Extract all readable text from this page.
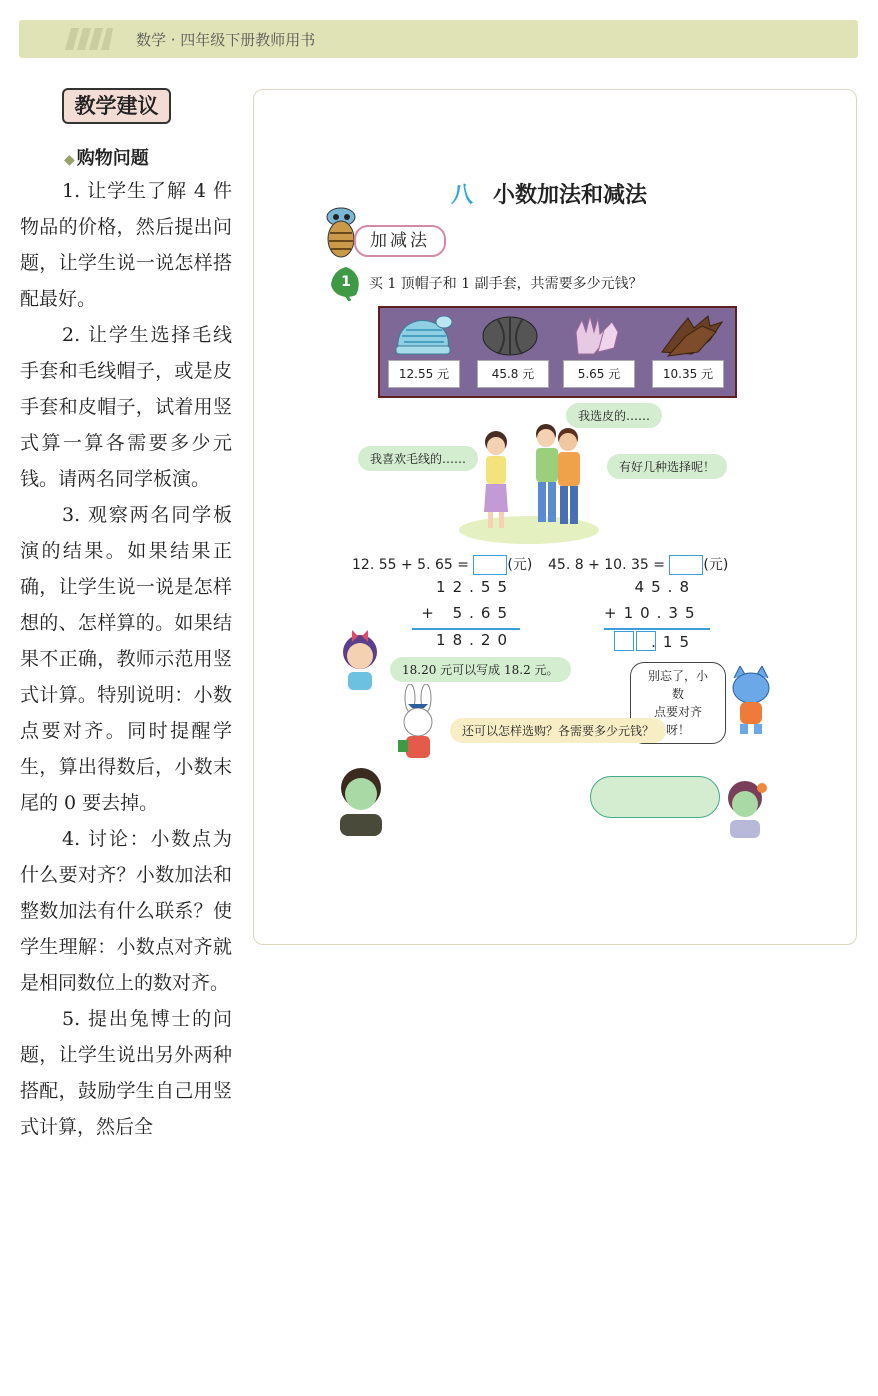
数学 · 四年级下册教师用书
教学建议
◆ 购物问题

1. 让学生了解 4 件物品的价格，然后提出问题，让学生说一说怎样搭配最好。

2. 让学生选择毛线手套和毛线帽子，或是皮手套和皮帽子，试着用竖式算一算各需要多少元钱。请两名同学板演。

3. 观察两名同学板演的结果。如果结果正确，让学生说一说是怎样想的、怎样算的。如果结果不正确，教师示范用竖式计算。特别说明：小数点要对齐。同时提醒学生，算出得数后，小数末尾的 0 要去掉。

4. 讨论：小数点为什么要对齐？小数加法和整数加法有什么联系？使学生理解：小数点对齐就是相同数位上的数对齐。

5. 提出兔博士的问题，让学生说出另外两种搭配，鼓励学生自己用竖式计算，然后全

八 小数加法和减法
加减法
1 买 1 顶帽子和 1 副手套，共需要多少元钱？
12.55 元	45.8 元	5.65 元	10.35 元
我选皮的……
我喜欢毛线的……
有好几种选择呢！
12. 55 + 5. 65 =	(元) 45. 8 + 10. 35 =	(元)
12.55
+ 5.65
18.20
45.8
+10.35
.15
18.20 元可以写成 18.2 元。	别忘了，小数
点要对齐呀！
还可以怎样选购？各需要多少元钱？
